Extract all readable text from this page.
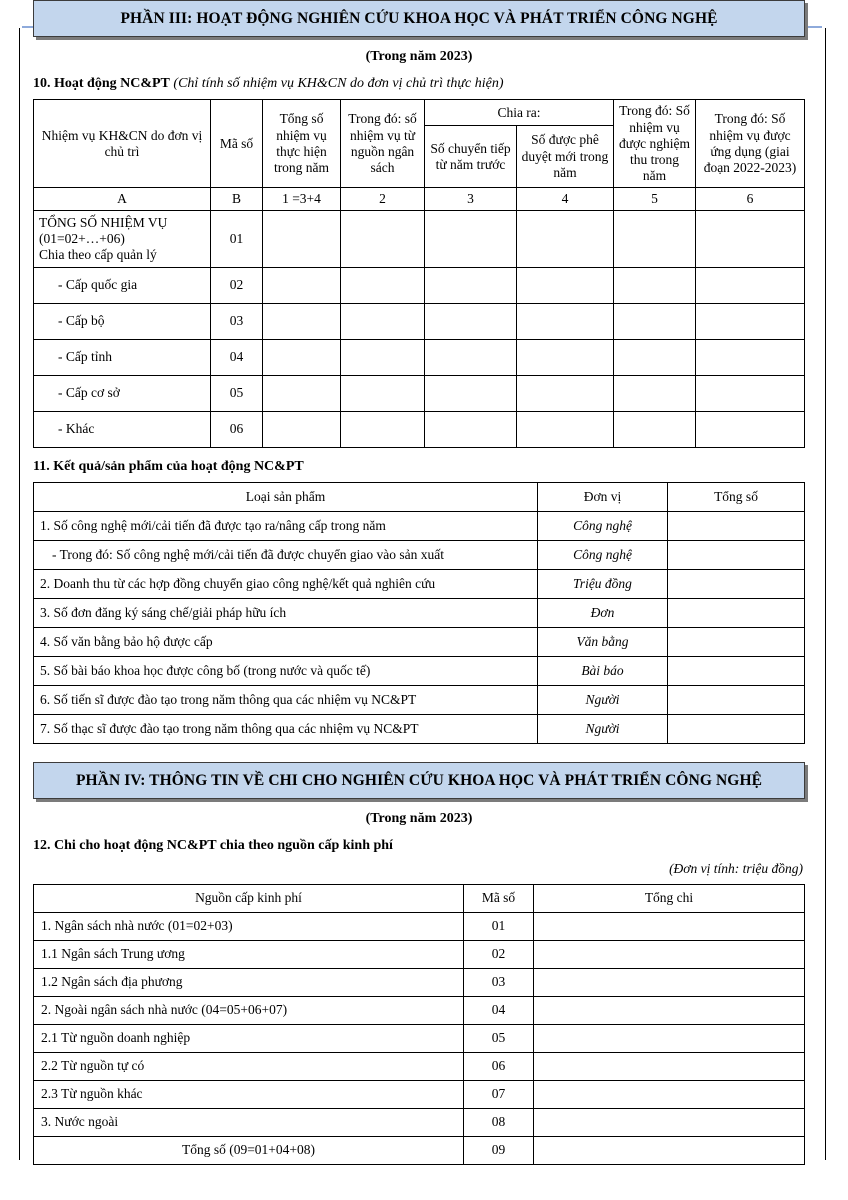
PHẦN III: HOẠT ĐỘNG NGHIÊN CỨU KHOA HỌC VÀ PHÁT TRIỂN CÔNG NGHỆ
(Trong năm 2023)
10. Hoạt động NC&PT (Chỉ tính số nhiệm vụ KH&CN do đơn vị chủ trì thực hiện)
Nhiệm vụ KH&CN do đơn vị chủ trì	Mã số	Tổng số nhiệm vụ thực hiện trong năm	Trong đó: số nhiệm vụ từ nguồn ngân sách	Chia ra:		Trong đó: Số nhiệm vụ được nghiệm thu trong năm	Trong đó: Số nhiệm vụ được ứng dụng (giai đoạn 2022-2023)
				Số chuyển tiếp từ năm trước	Số được phê duyệt mới trong năm		
A	B	1 =3+4	2	3	4	5	6
TỔNG SỐ NHIỆM VỤ (01=02+…+06)
Chia theo cấp quản lý	01						
- Cấp quốc gia	02						
- Cấp bộ	03						
- Cấp tỉnh	04						
- Cấp cơ sở	05						
- Khác	06						
11. Kết quả/sản phẩm của hoạt động NC&PT
Loại sản phẩm	Đơn vị	Tổng số
1. Số công nghệ mới/cải tiến đã được tạo ra/nâng cấp trong năm	Công nghệ	
- Trong đó: Số công nghệ mới/cải tiến đã được chuyển giao vào sản xuất	Công nghệ	
2. Doanh thu từ các hợp đồng chuyển giao công nghệ/kết quả nghiên cứu	Triệu đồng	
3. Số đơn đăng ký sáng chế/giải pháp hữu ích	Đơn	
4. Số văn bằng bảo hộ được cấp	Văn bằng	
5. Số bài báo khoa học được công bố (trong nước và quốc tế)	Bài báo	
6. Số tiến sĩ được đào tạo trong năm thông qua các nhiệm vụ NC&PT	Người	
7. Số thạc sĩ được đào tạo trong năm thông qua các nhiệm vụ NC&PT	Người	
PHẦN IV: THÔNG TIN VỀ CHI CHO NGHIÊN CỨU KHOA HỌC VÀ PHÁT TRIỂN CÔNG NGHỆ
(Trong năm 2023)
12. Chi cho hoạt động NC&PT chia theo nguồn cấp kinh phí
(Đơn vị tính: triệu đồng)
Nguồn cấp kinh phí	Mã số	Tổng chi
1. Ngân sách nhà nước (01=02+03)	01	
1.1 Ngân sách Trung ương	02	
1.2 Ngân sách địa phương	03	
2. Ngoài ngân sách nhà nước (04=05+06+07)	04	
2.1 Từ nguồn doanh nghiệp	05	
2.2 Từ nguồn tự có	06	
2.3 Từ nguồn khác	07	
3. Nước ngoài	08	
Tổng số (09=01+04+08)	09	
